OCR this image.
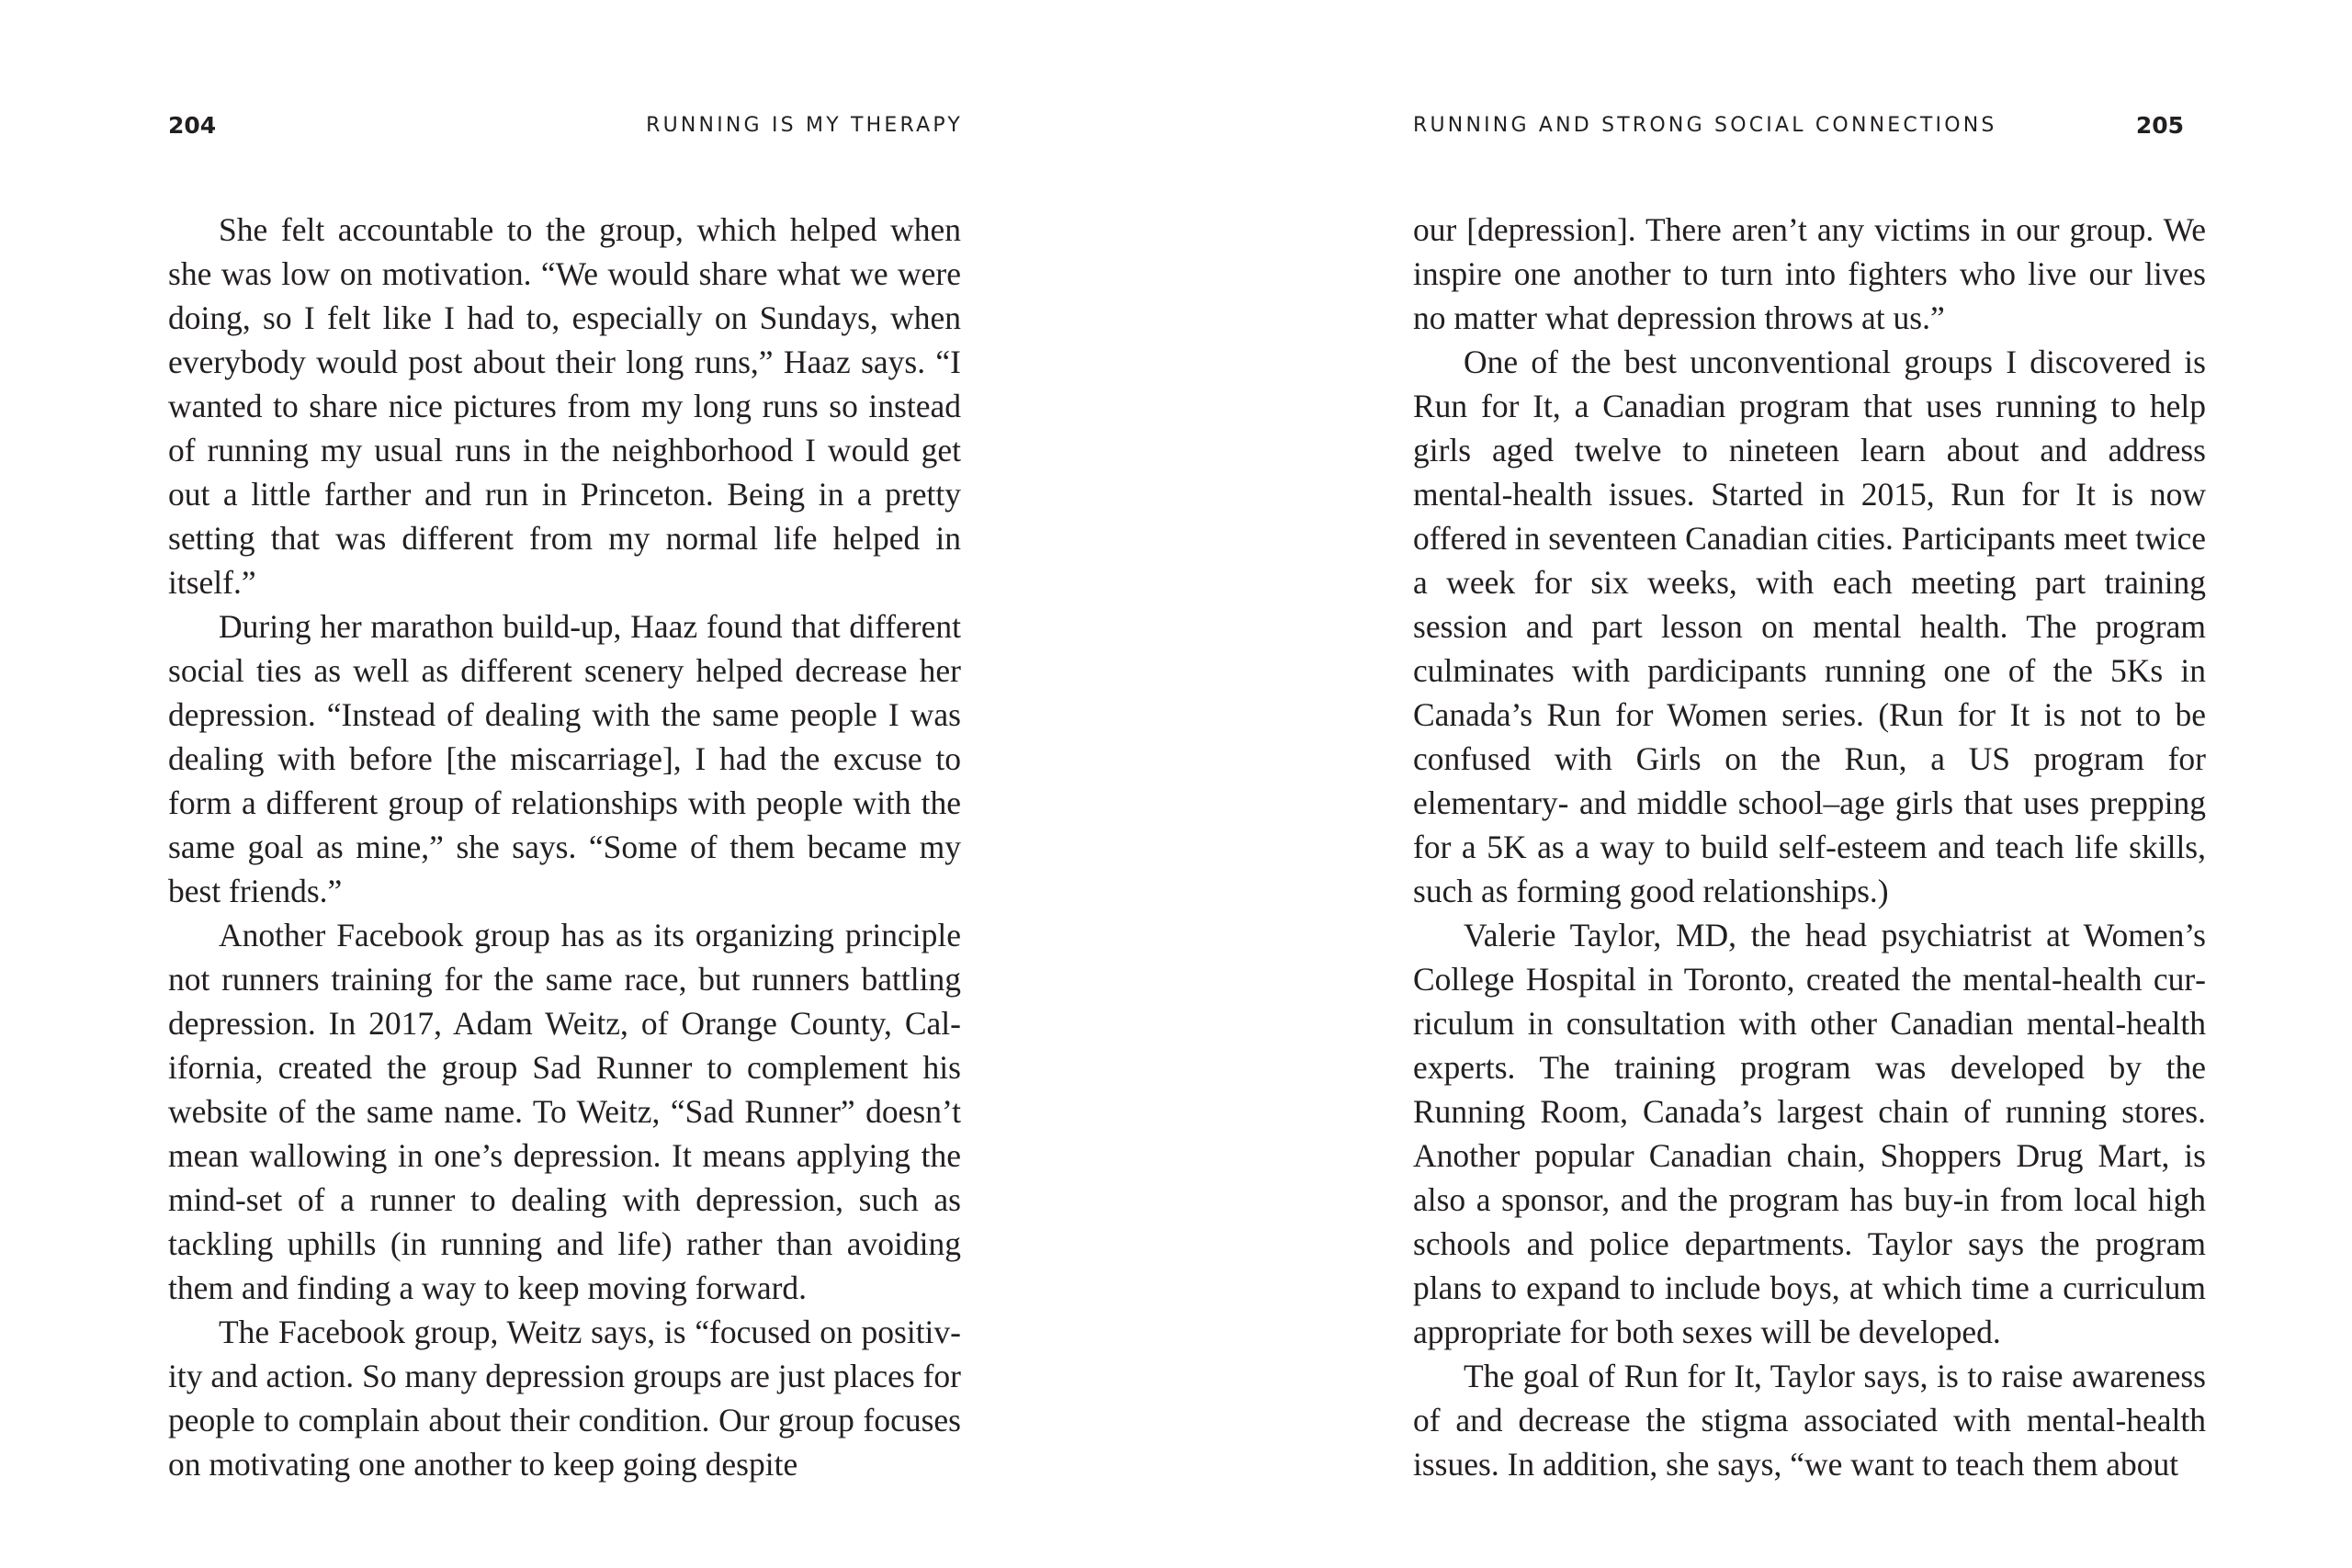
204	RUNNING IS MY THERAPY

She felt accountable to the group, which helped when she was low on motivation. “We would share what we were doing, so I felt like I had to, especially on Sundays, when everybody would post about their long runs,” Haaz says. “I wanted to share nice pictures from my long runs so instead of running my usual runs in the neighborhood I would get out a little farther and run in Princeton. Being in a pretty setting that was different from my normal life helped in itself.”

During her marathon build-up, Haaz found that different social ties as well as different scenery helped decrease her depression. “Instead of dealing with the same people I was dealing with before [the miscarriage], I had the excuse to form a different group of relationships with people with the same goal as mine,” she says. “Some of them became my best friends.”

Another Facebook group has as its organizing principle not runners training for the same race, but runners battling depression. In 2017, Adam Weitz, of Orange County, California, created the group Sad Runner to complement his website of the same name. To Weitz, “Sad Runner” doesn’t mean wallowing in one’s depression. It means applying the mind-set of a runner to dealing with depression, such as tackling uphills (in running and life) rather than avoiding them and finding a way to keep moving forward.

The Facebook group, Weitz says, is “focused on positivity and action. So many depression groups are just places for people to complain about their condition. Our group focuses on motivating one another to keep going despite

RUNNING AND STRONG SOCIAL CONNECTIONS	205

our [depression]. There aren’t any victims in our group. We inspire one another to turn into fighters who live our lives no matter what depression throws at us.”

One of the best unconventional groups I discovered is Run for It, a Canadian program that uses running to help girls aged twelve to nineteen learn about and address mental-health issues. Started in 2015, Run for It is now offered in seventeen Canadian cities. Participants meet twice a week for six weeks, with each meeting part training session and part lesson on mental health. The program culminates with pardicipants running one of the 5Ks in Canada’s Run for Women series. (Run for It is not to be confused with Girls on the Run, a US program for elementary- and middle school–age girls that uses prepping for a 5K as a way to build self-esteem and teach life skills, such as forming good relationships.)

Valerie Taylor, MD, the head psychiatrist at Women’s College Hospital in Toronto, created the mental-health curriculum in consultation with other Canadian mental-health experts. The training program was developed by the Running Room, Canada’s largest chain of running stores. Another popular Canadian chain, Shoppers Drug Mart, is also a sponsor, and the program has buy-in from local high schools and police departments. Taylor says the program plans to expand to include boys, at which time a curriculum appropriate for both sexes will be developed.

The goal of Run for It, Taylor says, is to raise awareness of and decrease the stigma associated with mental-health issues. In addition, she says, “we want to teach them about
